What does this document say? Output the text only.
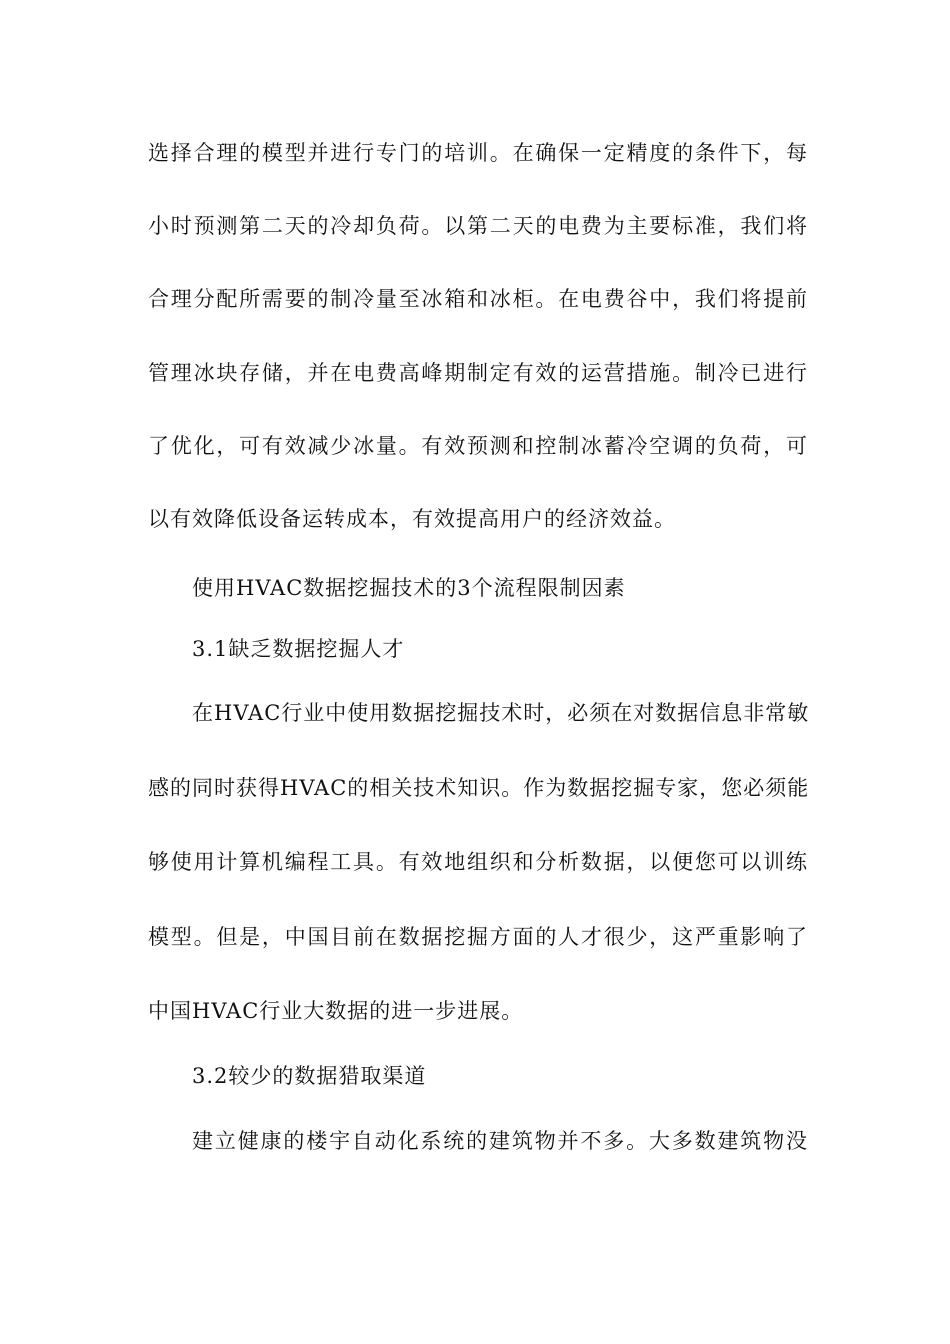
选择合理的模型并进行专门的培训。在确保一定精度的条件下，每
小时预测第二天的冷却负荷。以第二天的电费为主要标准，我们将
合理分配所需要的制冷量至冰箱和冰柜。在电费谷中，我们将提前
管理冰块存储，并在电费高峰期制定有效的运营措施。制冷已进行
了优化，可有效减少冰量。有效预测和控制冰蓄冷空调的负荷，可
以有效降低设备运转成本，有效提高用户的经济效益。
使用HVAC数据挖掘技术的3个流程限制因素
3.1缺乏数据挖掘人才
在HVAC行业中使用数据挖掘技术时，必须在对数据信息非常敏
感的同时获得HVAC的相关技术知识。作为数据挖掘专家，您必须能
够使用计算机编程工具。有效地组织和分析数据，以便您可以训练
模型。但是，中国目前在数据挖掘方面的人才很少，这严重影响了
中国HVAC行业大数据的进一步进展。
3.2较少的数据猎取渠道
建立健康的楼宇自动化系统的建筑物并不多。大多数建筑物没
